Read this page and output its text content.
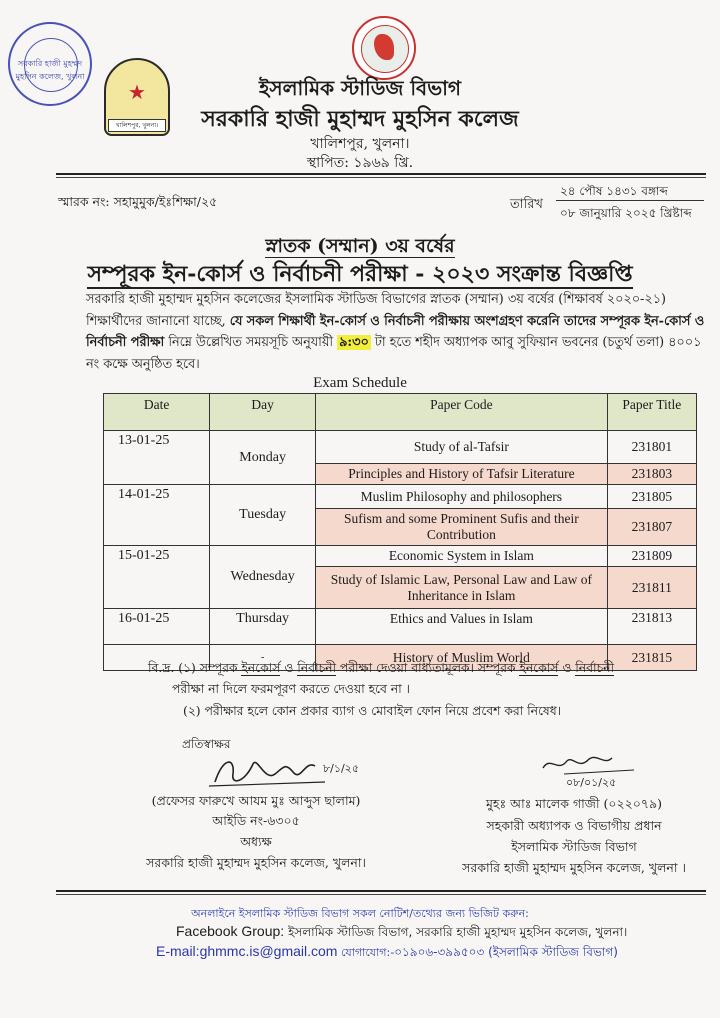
সরকারি হাজী মুহম্মদ মুহসিন কলেজ, খুলনা
★
খালিশপুর, খুলনা।
ইসলামিক স্টাডিজ বিভাগ
সরকারি হাজী মুহাম্মদ মুহসিন কলেজ
খালিশপুর, খুলনা।
স্থাপিত: ১৯৬৯ খ্রি.
স্মারক নং: সহামুমুক/ইঃশিক্ষা/২৫	তারিখ
২৪ পৌষ ১৪৩১ বঙ্গাব্দ
০৮ জানুয়ারি ২০২৫ খ্রিষ্টাব্দ
স্নাতক (সম্মান) ৩য় বর্ষের
সম্পূরক ইন-কোর্স ও নির্বাচনী পরীক্ষা - ২০২৩ সংক্রান্ত বিজ্ঞপ্তি
সরকারি হাজী মুহাম্মদ মুহসিন কলেজের ইসলামিক স্টাডিজ বিভাগের স্নাতক (সম্মান) ৩য় বর্ষের (শিক্ষাবর্ষ ২০২০-২১) শিক্ষার্থীদের জানানো যাচ্ছে, যে সকল শিক্ষার্থী ইন-কোর্স ও নির্বাচনী পরীক্ষায় অংশগ্রহণ করেনি তাদের সম্পূরক ইন-কোর্স ও নির্বাচনী পরীক্ষা নিম্নে উল্লেখিত সময়সূচি অনুযায়ী ৯:৩০ টা হতে শহীদ অধ্যাপক আবু সুফিয়ান ভবনের (চতুর্থ তলা) ৪০০১ নং কক্ষে অনুষ্ঠিত হবে।
Exam Schedule
Date	Day	Paper Code	Paper Title
13-01-25	Monday	Study of al-Tafsir	231801
		Principles and History of Tafsir Literature	231803
14-01-25	Tuesday	Muslim Philosophy and philosophers	231805
		Sufism and some Prominent Sufis and their Contribution	231807
15-01-25	Wednesday	Economic System in Islam	231809
		Study of Islamic Law, Personal Law and Law of Inheritance in Islam	231811
16-01-25	Thursday	Ethics and Values in Islam	231813
	-	History of Muslim World	231815
বি.দ্র. (১) সম্পূরক ইনকোর্স ও নির্বাচনী পরীক্ষা দেওয়া বাধ্যতামূলক। সম্পূরক ইনকোর্স ও নির্বাচনী
পরীক্ষা না দিলে ফরমপূরণ করতে দেওয়া হবে না ।
(২) পরীক্ষার হলে কোন প্রকার ব্যাগ ও মোবাইল ফোন নিয়ে প্রবেশ করা নিষেধ।
প্রতিস্বাক্ষর
৮/১/২৫
০৮/০১/২৫
(প্রফেসর ফারুখে আযম মুঃ আব্দুস ছালাম)
আইডি নং-৬৩০৫
অধ্যক্ষ
সরকারি হাজী মুহাম্মদ মুহসিন কলেজ, খুলনা।
মুহঃ আঃ মালেক গাজী (০২২০৭৯)
সহকারী অধ্যাপক ও বিভাগীয় প্রধান
ইসলামিক স্টাডিজ বিভাগ
সরকারি হাজী মুহাম্মদ মুহসিন কলেজ, খুলনা ।
অনলাইনে ইসলামিক স্টাডিজ বিভাগ সকল নোটিশ/তথ্যের জন্য ভিজিট করুন:
Facebook Group: ইসলামিক স্টাডিজ বিভাগ, সরকারি হাজী মুহাম্মদ মুহসিন কলেজ, খুলনা।
E-mail:ghmmc.is@gmail.com যোগাযোগ:-০১৯০৬-৩৯৯৫০৩ (ইসলামিক স্টাডিজ বিভাগ)
